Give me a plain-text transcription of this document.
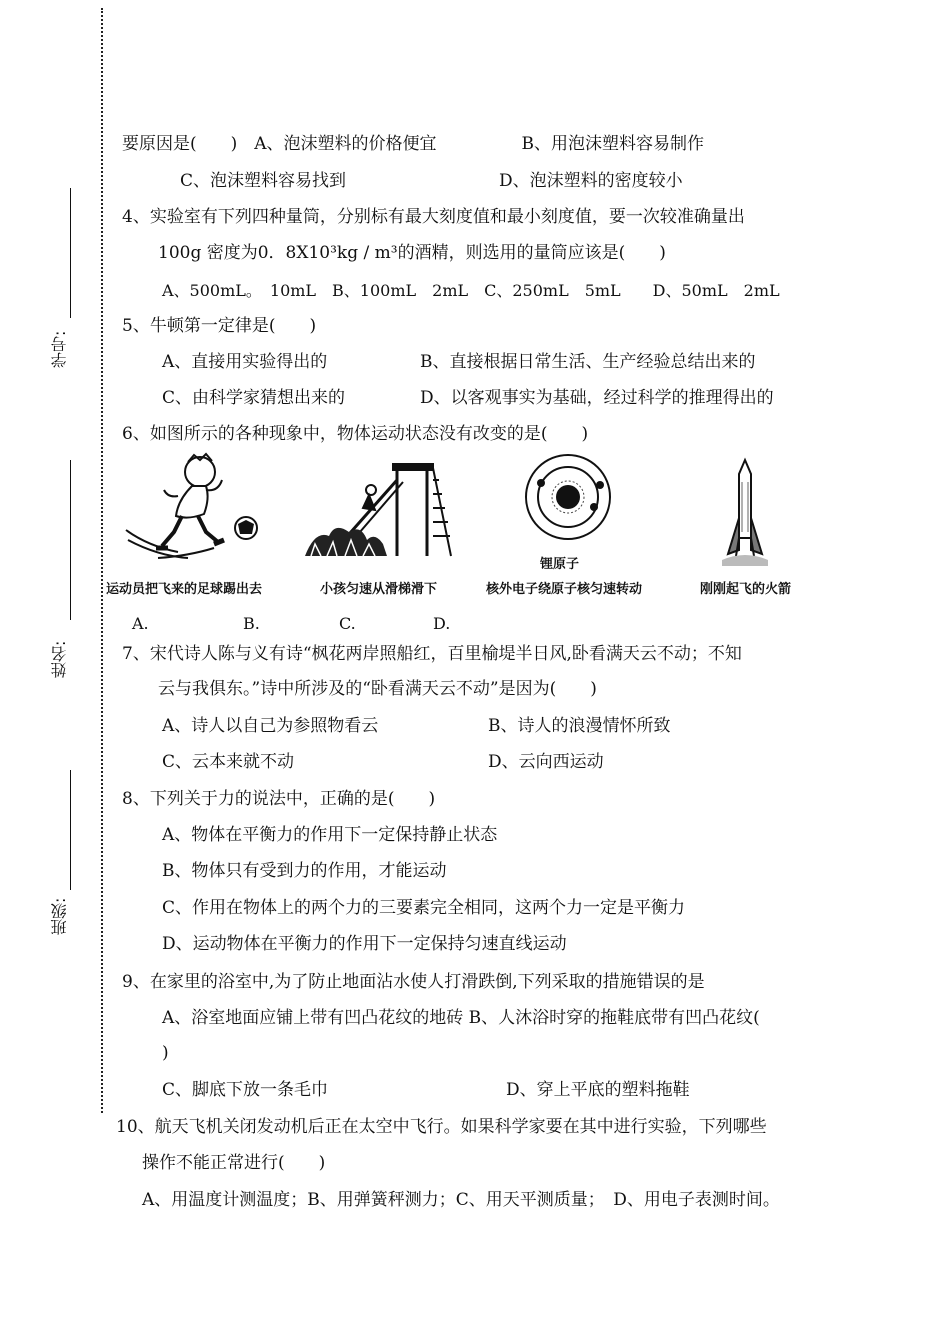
学号:
姓名:
班级:
要原因是(　　)　A、泡沫塑料的价格便宜　　　　　B、用泡沫塑料容易制作
C、泡沫塑料容易找到　　　　　　　　　D、泡沫塑料的密度较小
4、实验室有下列四种量筒，分别标有最大刻度值和最小刻度值，要一次较准确量出
100g 密度为0．8X10³kg / m³的酒精，则选用的量筒应该是(　　)
A、500mL。　10mL　B、100mL　2mL　C、250mL　5mL　　D、50mL　2mL
5、牛顿第一定律是(　　)
A、直接用实验得出的	B、直接根据日常生活、生产经验总结出来的
C、由科学家猜想出来的	D、以客观事实为基础，经过科学的推理得出的
6、如图所示的各种现象中，物体运动状态没有改变的是(　　)
运动员把飞来的足球踢出去	小孩匀速从滑梯滑下
锂原子
核外电子绕原子核匀速转动	刚刚起飞的火箭
A.	B.	C.	D.
7、宋代诗人陈与义有诗“枫花两岸照船红，百里榆堤半日风,卧看满天云不动；不知
云与我俱东。”诗中所涉及的“卧看满天云不动”是因为(　　)
A、诗人以自己为参照物看云	B、诗人的浪漫情怀所致
C、云本来就不动	D、云向西运动
8、下列关于力的说法中，正确的是(　　)
A、物体在平衡力的作用下一定保持静止状态
B、物体只有受到力的作用，才能运动
C、作用在物体上的两个力的三要素完全相同，这两个力一定是平衡力
D、运动物体在平衡力的作用下一定保持匀速直线运动
9、在家里的浴室中,为了防止地面沾水使人打滑跌倒,下列采取的措施错误的是
A、浴室地面应铺上带有凹凸花纹的地砖 B、人沐浴时穿的拖鞋底带有凹凸花纹(
)
C、脚底下放一条毛巾	D、穿上平底的塑料拖鞋
10、航天飞机关闭发动机后正在太空中飞行。如果科学家要在其中进行实验，下列哪些
操作不能正常进行(　　)
A、用温度计测温度；B、用弹簧秤测力；C、用天平测质量；　D、用电子表测时间。
